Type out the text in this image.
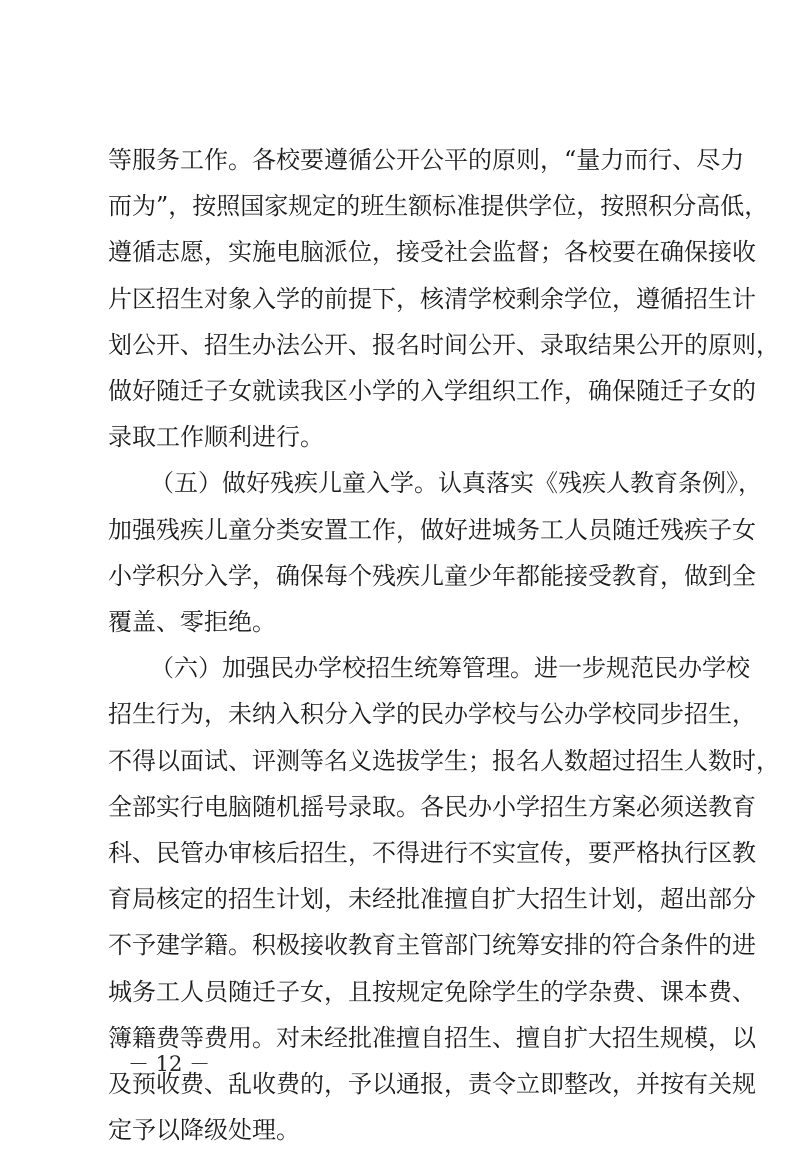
等服务工作。各校要遵循公开公平的原则，“量力而行、尽力
而为”，按照国家规定的班生额标准提供学位，按照积分高低，
遵循志愿，实施电脑派位，接受社会监督；各校要在确保接收
片区招生对象入学的前提下，核清学校剩余学位，遵循招生计
划公开、招生办法公开、报名时间公开、录取结果公开的原则，
做好随迁子女就读我区小学的入学组织工作，确保随迁子女的
录取工作顺利进行。
（五）做好残疾儿童入学。认真落实《残疾人教育条例》，
加强残疾儿童分类安置工作，做好进城务工人员随迁残疾子女
小学积分入学，确保每个残疾儿童少年都能接受教育，做到全
覆盖、零拒绝。
（六）加强民办学校招生统筹管理。进一步规范民办学校
招生行为，未纳入积分入学的民办学校与公办学校同步招生，
不得以面试、评测等名义选拔学生；报名人数超过招生人数时，
全部实行电脑随机摇号录取。各民办小学招生方案必须送教育
科、民管办审核后招生，不得进行不实宣传，要严格执行区教
育局核定的招生计划，未经批准擅自扩大招生计划，超出部分
不予建学籍。积极接收教育主管部门统筹安排的符合条件的进
城务工人员随迁子女，且按规定免除学生的学杂费、课本费、
簿籍费等费用。对未经批准擅自招生、擅自扩大招生规模，以
及预收费、乱收费的，予以通报，责令立即整改，并按有关规
定予以降级处理。
－ 12 －
